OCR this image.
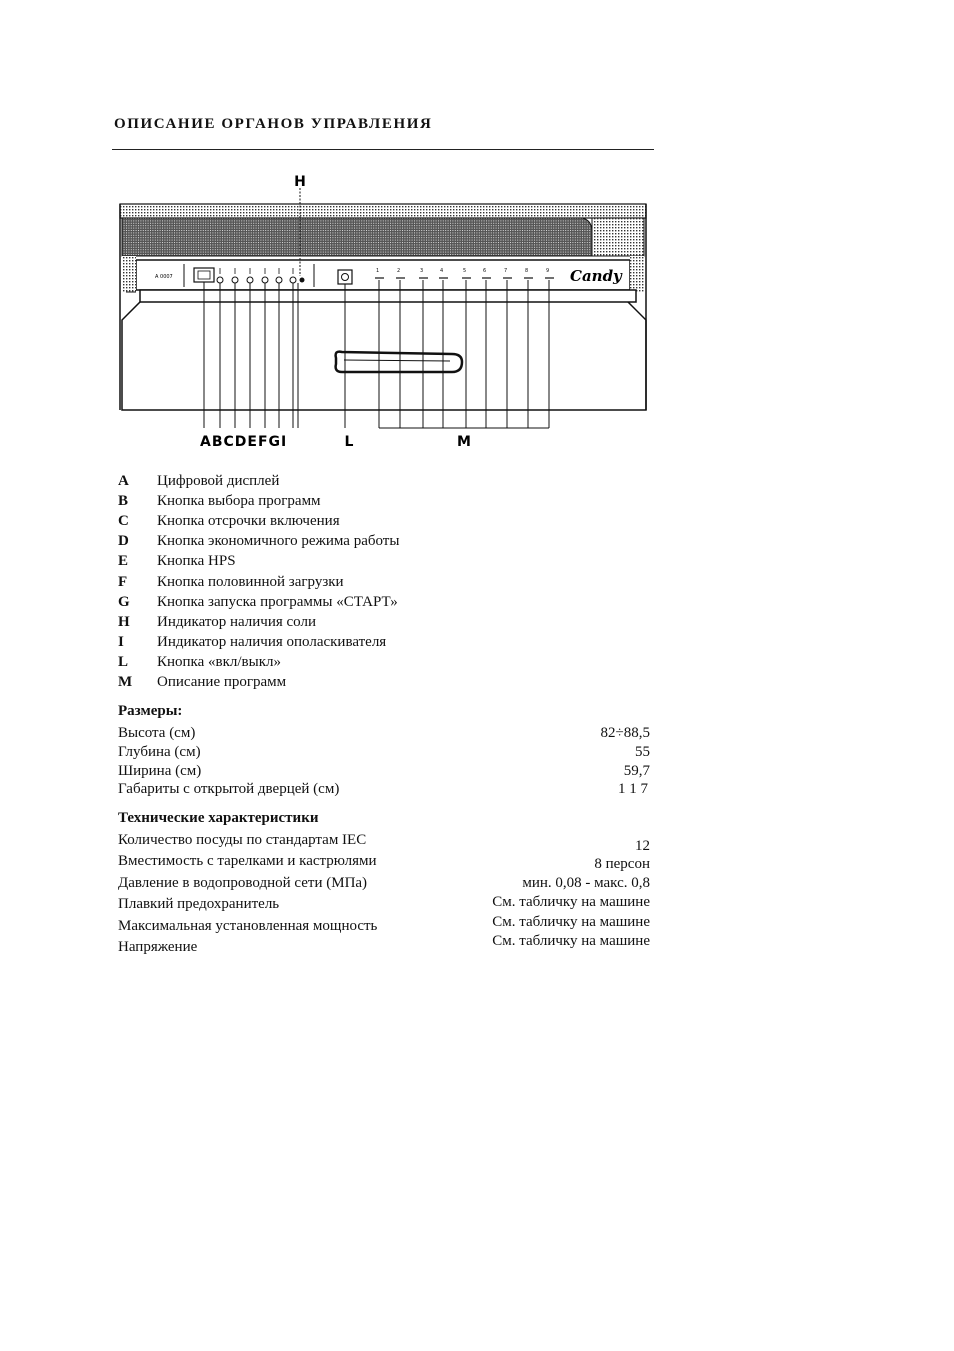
ОПИСАНИЕ ОРГАНОВ УПРАВЛЕНИЯ
A 0007
1	2	3	4	5	6	7	8	9 Candy
H
ABCDEFGI	L	M
A	Цифровой дисплей
B	Кнопка выбора программ
C	Кнопка отсрочки включения
D	Кнопка экономичного режима работы
E	Кнопка HPS
F	Кнопка половинной загрузки
G	Кнопка запуска программы «СТАРТ»
H	Индикатор наличия соли
I	Индикатор наличия ополаскивателя
L	Кнопка «вкл/выкл»
M	Описание программ
Размеры:
Высота (см)	82÷88,5
Глубина (см)	55
Ширина (см)	59,7
Габариты с открытой дверцей (см)	1 1 7
Технические характеристики
Количество посуды по стандартам IEC	12
Вместимость с тарелками и кастрюлями	8 персон
Давление в водопроводной сети (МПа)	мин. 0,08 - макс. 0,8
Плавкий предохранитель	См. табличку на машине
Максимальная установленная мощность	См. табличку на машине
Напряжение	См. табличку на машине
